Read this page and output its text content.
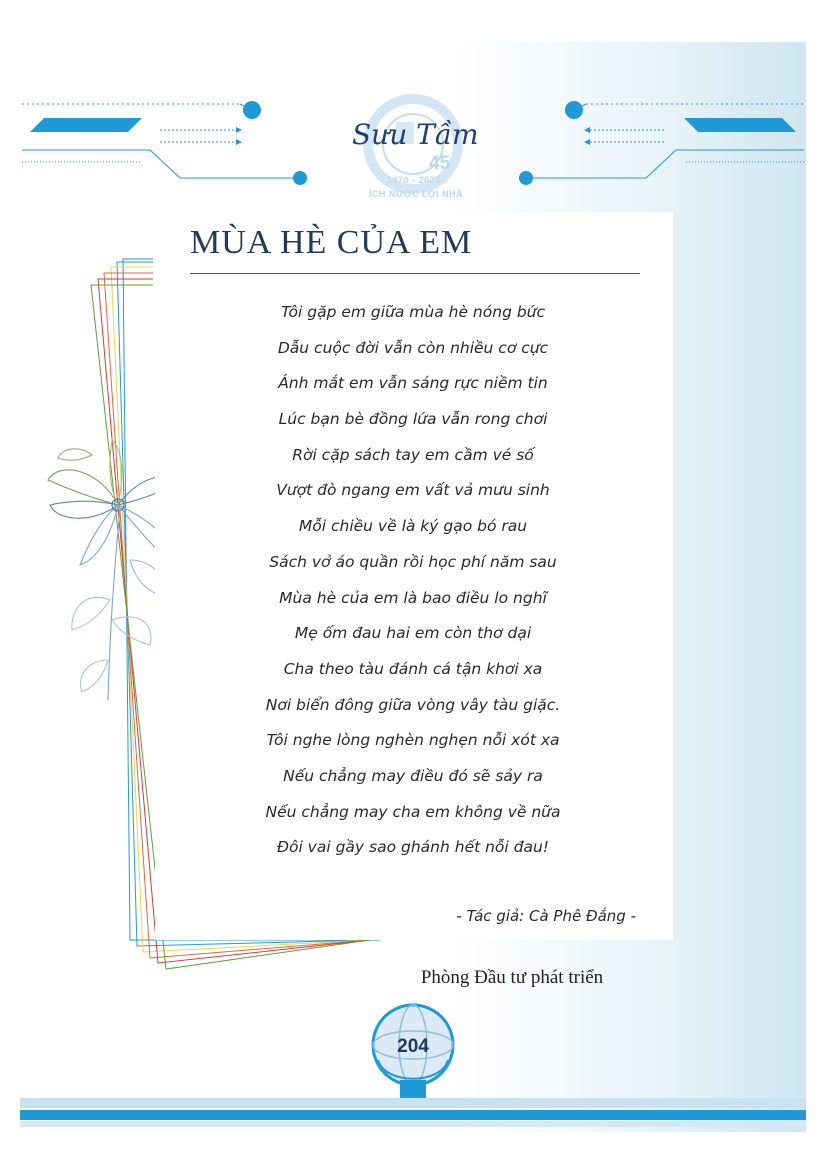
Sưu Tầm
45
1978 - 2023
ÍCH NƯỚC LỢI NHÀ
MÙA HÈ CỦA EM
Tôi gặp em giữa mùa hè nóng bức
Dẫu cuộc đời vẫn còn nhiều cơ cực
Ánh mắt em vẫn sáng rực niềm tin
Lúc bạn bè đồng lứa vẫn rong chơi
Rời cặp sách tay em cầm vé số
Vượt đò ngang em vất vả mưu sinh
Mỗi chiều về là ký gạo bó rau
Sách vở áo quần rồi học phí năm sau
Mùa hè của em là bao điều lo nghĩ
Mẹ ốm đau hai em còn thơ dại
Cha theo tàu đánh cá tận khơi xa
Nơi biển đông giữa vòng vây tàu giặc.
Tôi nghe lòng nghèn nghẹn nỗi xót xa
Nếu chẳng may điều đó sẽ sảy ra
Nếu chẳng may cha em không về nữa
Đôi vai gầy sao ghánh hết nỗi đau!
- Tác giả: Cà Phê Đắng -
Phòng Đầu tư phát triển
204
